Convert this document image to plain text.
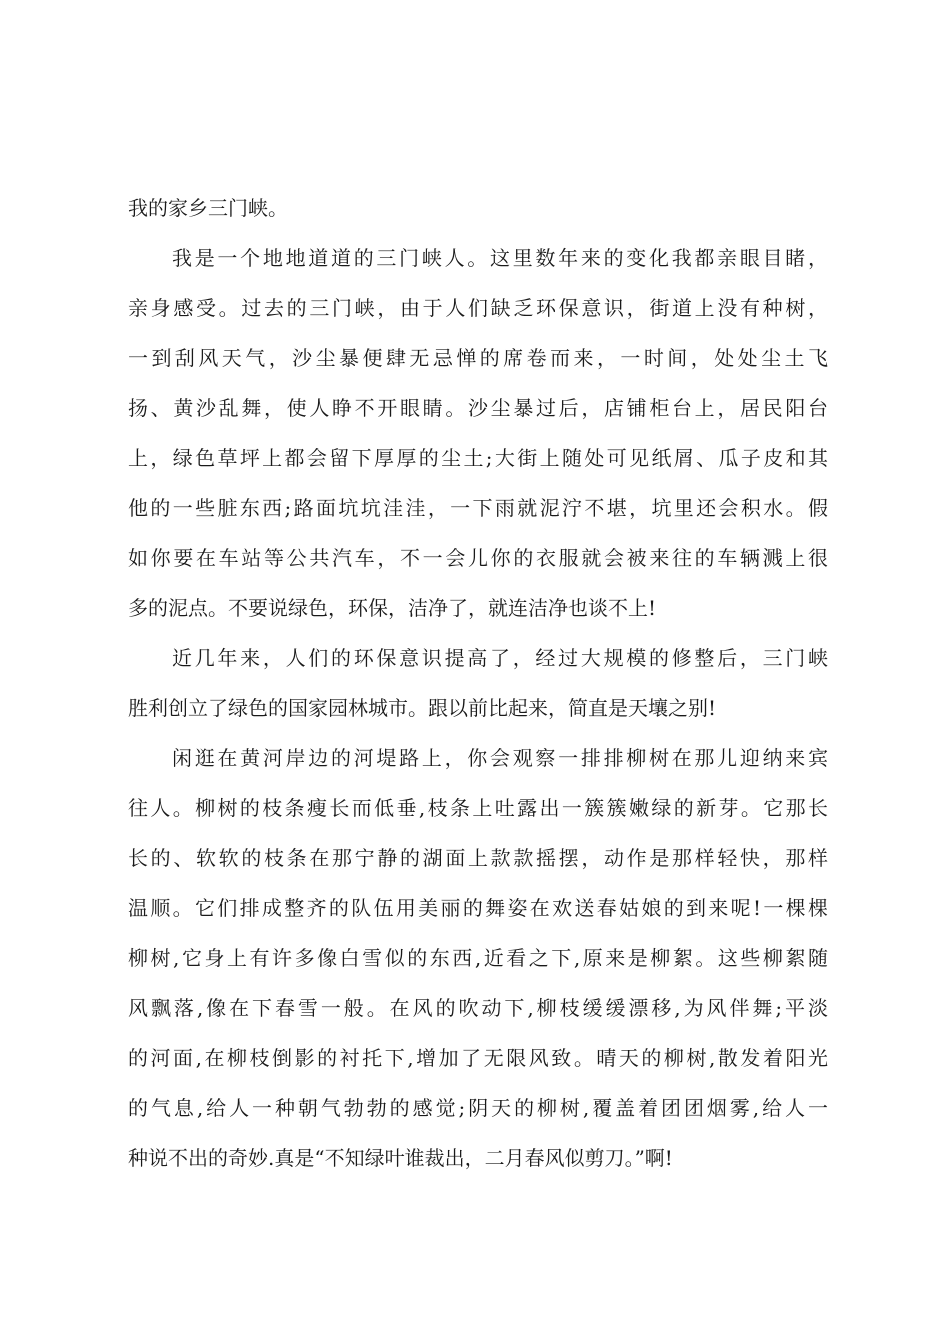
我的家乡三门峡。
我是一个地地道道的三门峡人。这里数年来的变化我都亲眼目睹，
亲身感受。过去的三门峡，由于人们缺乏环保意识，街道上没有种树，
一到刮风天气，沙尘暴便肆无忌惮的席卷而来，一时间，处处尘土飞
扬、黄沙乱舞，使人睁不开眼睛。沙尘暴过后，店铺柜台上，居民阳台
上，绿色草坪上都会留下厚厚的尘土;大街上随处可见纸屑、瓜子皮和其
他的一些脏东西;路面坑坑洼洼，一下雨就泥泞不堪，坑里还会积水。假
如你要在车站等公共汽车，不一会儿你的衣服就会被来往的车辆溅上很
多的泥点。不要说绿色，环保，洁净了，就连洁净也谈不上!
近几年来，人们的环保意识提高了，经过大规模的修整后，三门峡
胜利创立了绿色的国家园林城市。跟以前比起来，简直是天壤之别!
闲逛在黄河岸边的河堤路上，你会观察一排排柳树在那儿迎纳来宾
往人。柳树的枝条瘦长而低垂,枝条上吐露出一簇簇嫩绿的新芽。它那长
长的、软软的枝条在那宁静的湖面上款款摇摆，动作是那样轻快，那样
温顺。它们排成整齐的队伍用美丽的舞姿在欢送春姑娘的到来呢!一棵棵
柳树,它身上有许多像白雪似的东西,近看之下,原来是柳絮。这些柳絮随
风飘落,像在下春雪一般。在风的吹动下,柳枝缓缓漂移,为风伴舞;平淡
的河面,在柳枝倒影的衬托下,增加了无限风致。晴天的柳树,散发着阳光
的气息,给人一种朝气勃勃的感觉;阴天的柳树,覆盖着团团烟雾,给人一
种说不出的奇妙.真是“不知绿叶谁裁出，二月春风似剪刀。”啊!
